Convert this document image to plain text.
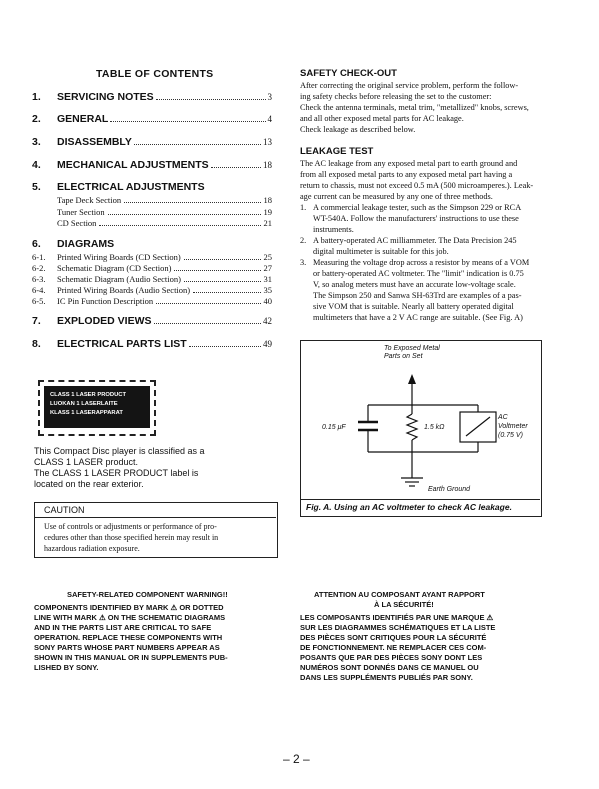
TABLE OF CONTENTS
1.	SERVICING NOTES	3
2.	GENERAL	4
3.	DISASSEMBLY	13
4.	MECHANICAL ADJUSTMENTS	18
5. ELECTRICAL ADJUSTMENTS
Tape Deck Section	18
Tuner Section	19
CD Section	21
6. DIAGRAMS
6-1.	Printed Wiring Boards (CD Section)	25
6-2.	Schematic Diagram (CD Section)	27
6-3.	Schematic Diagram (Audio Section)	31
6-4.	Printed Wiring Boards (Audio Section)	35
6-5.	IC Pin Function Description	40
7.	EXPLODED VIEWS	42
8.	ELECTRICAL PARTS LIST	49
CLASS 1 LASER PRODUCT
LUOKAN 1 LASERLAITE
KLASS 1 LASERAPPARAT
This Compact Disc player is classified as a
CLASS 1 LASER product.
The CLASS 1 LASER PRODUCT label is
located on the rear exterior.
CAUTION
Use of controls or adjustments or performance of pro-
cedures other than those specified herein may result in
hazardous radiation exposure.
SAFETY-RELATED COMPONENT WARNING!!
COMPONENTS IDENTIFIED BY MARK ⚠ OR DOTTED
LINE WITH MARK ⚠ ON THE SCHEMATIC DIAGRAMS
AND IN THE PARTS LIST ARE CRITICAL TO SAFE
OPERATION. REPLACE THESE COMPONENTS WITH
SONY PARTS WHOSE PART NUMBERS APPEAR AS
SHOWN IN THIS MANUAL OR IN SUPPLEMENTS PUB-
LISHED BY SONY.
ATTENTION AU COMPOSANT AYANT RAPPORT
À LA SÉCURITÉ!
LES COMPOSANTS IDENTIFIÉS PAR UNE MARQUE ⚠
SUR LES DIAGRAMMES SCHÉMATIQUES ET LA LISTE
DES PIÈCES SONT CRITIQUES POUR LA SÉCURITÉ
DE FONCTIONNEMENT. NE REMPLACER CES COM-
POSANTS QUE PAR DES PIÈCES SONY DONT LES
NUMÉROS SONT DONNÉS DANS CE MANUEL OU
DANS LES SUPPLÉMENTS PUBLIÉS PAR SONY.
SAFETY CHECK-OUT
After correcting the original service problem, perform the follow-
ing safety checks before releasing the set to the customer:
Check the antenna terminals, metal trim, "metallized" knobs, screws,
and all other exposed metal parts for AC leakage.
Check leakage as described below.
LEAKAGE TEST
The AC leakage from any exposed metal part to earth ground and
from all exposed metal parts to any exposed metal part having a
return to chassis, must not exceed 0.5 mA (500 microamperes.). Leak-
age current can be measured by any one of three methods.
1. A commercial leakage tester, such as the Simpson 229 or RCA
WT-540A. Follow the manufacturers' instructions to use these
instruments.
2. A battery-operated AC milliammeter. The Data Precision 245
digital multimeter is suitable for this job.
3. Measuring the voltage drop across a resistor by means of a VOM
or battery-operated AC voltmeter. The "limit" indication is 0.75
V, so analog meters must have an accurate low-voltage scale.
The Simpson 250 and Sanwa SH-63Trd are examples of a pas-
sive VOM that is suitable. Nearly all battery operated digital
multimeters that have a 2 V AC range are suitable. (See Fig. A)
To Exposed Metal
Parts on Set
0.15 μF	1.5 kΩ
AC
Voltmeter
(0.75 V)
Earth Ground
Fig. A. Using an AC voltmeter to check AC leakage.
– 2 –
